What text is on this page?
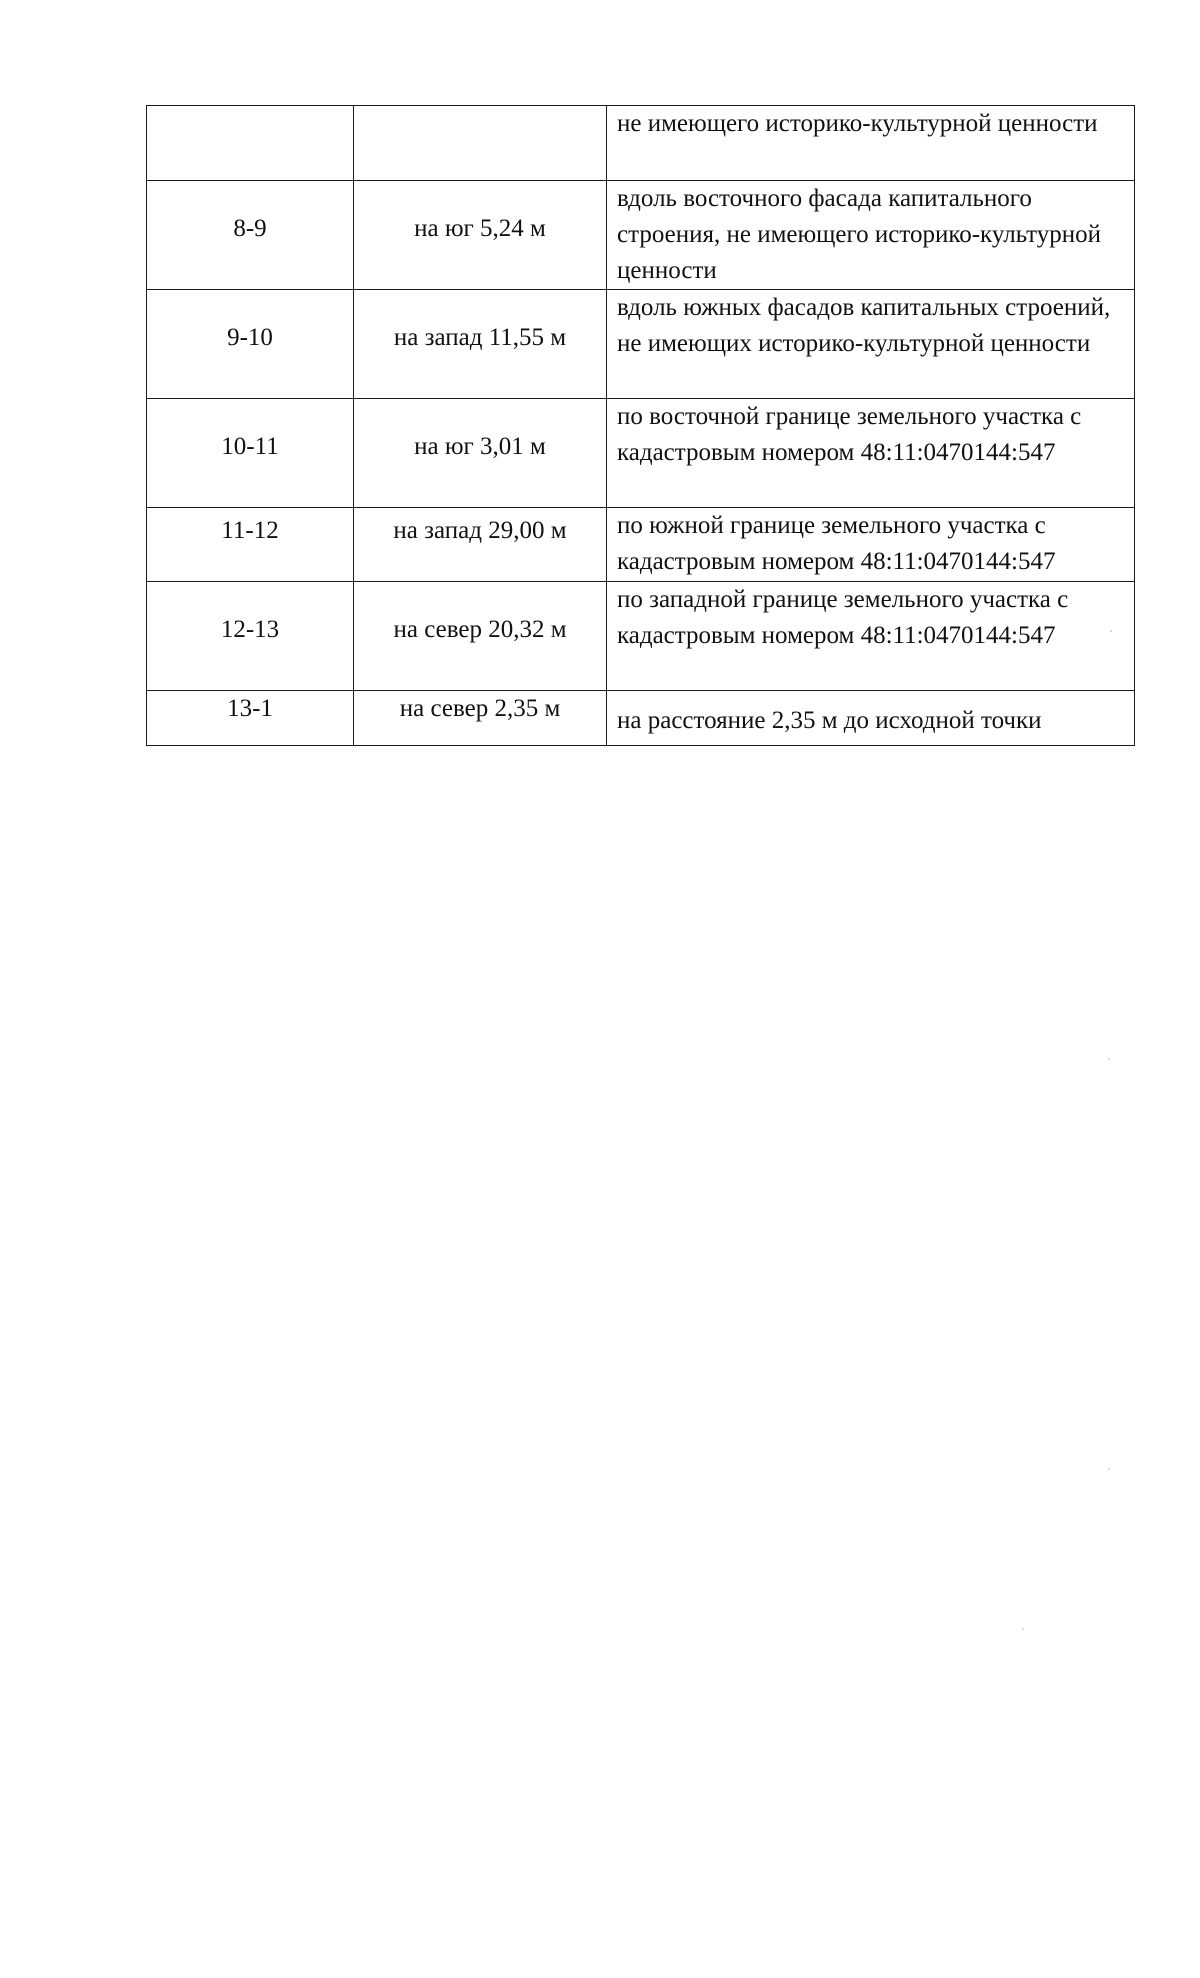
		не имеющего историко-культурной ценности

8-9	на юг 5,24 м	вдоль восточного фасада капитального строения, не имеющего историко-культурной ценности

9-10	на запад 11,55 м	вдоль южных фасадов капитальных строений, не имеющих историко-культурной ценности

10-11	на юг 3,01 м	по восточной границе земельного участка с кадастровым номером 48:11:0470144:547

11-12	на запад 29,00 м	по южной границе земельного участка с кадастровым номером 48:11:0470144:547

12-13	на север 20,32 м	по западной границе земельного участка с кадастровым номером 48:11:0470144:547

13-1	на север 2,35 м	на расстояние 2,35 м до исходной точки
